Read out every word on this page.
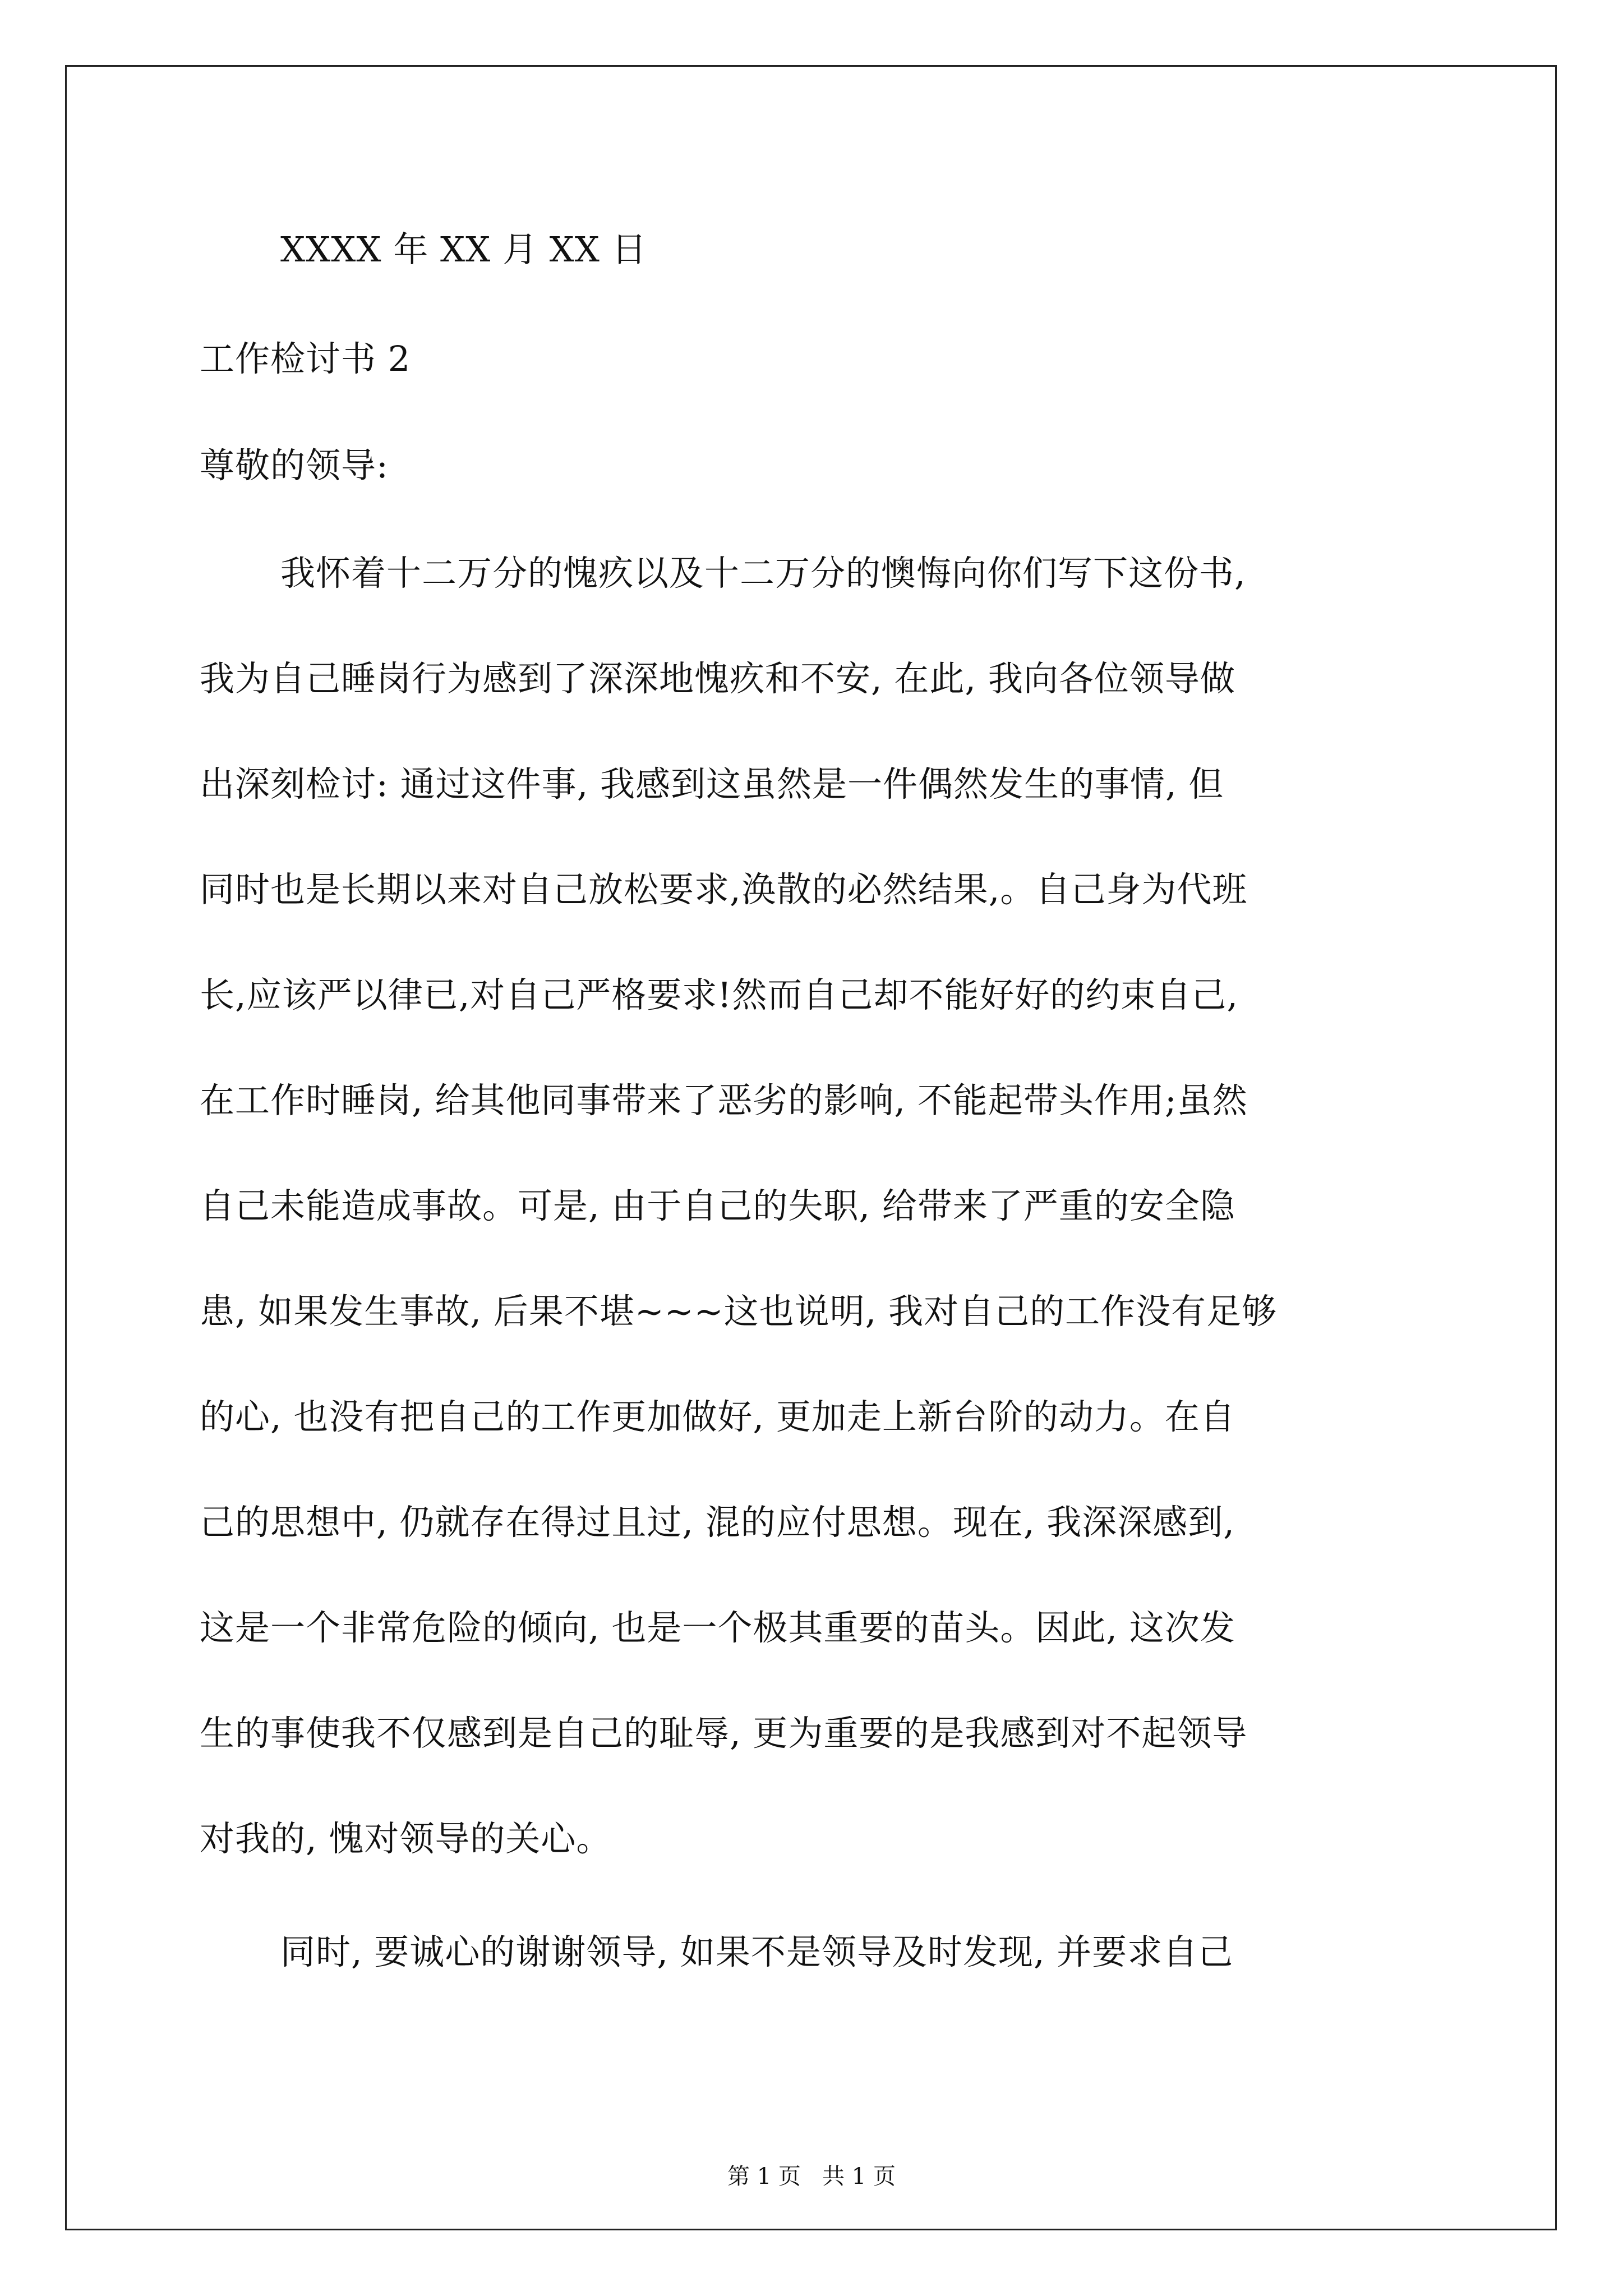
XXXX 年 XX 月 XX 日
工作检讨书 2
尊敬的领导:
我怀着十二万分的愧疚以及十二万分的懊悔向你们写下这份书,
我为自己睡岗行为感到了深深地愧疚和不安, 在此, 我向各位领导做
出深刻检讨: 通过这件事, 我感到这虽然是一件偶然发生的事情, 但
同时也是长期以来对自己放松要求,涣散的必然结果,。自己身为代班
长,应该严以律已,对自己严格要求!然而自己却不能好好的约束自己,
在工作时睡岗, 给其他同事带来了恶劣的影响, 不能起带头作用;虽然
自己未能造成事故。可是, 由于自己的失职, 给带来了严重的安全隐
患, 如果发生事故, 后果不堪~~~这也说明, 我对自己的工作没有足够
的心, 也没有把自己的工作更加做好, 更加走上新台阶的动力。在自
己的思想中, 仍就存在得过且过, 混的应付思想。现在, 我深深感到,
这是一个非常危险的倾向, 也是一个极其重要的苗头。因此, 这次发
生的事使我不仅感到是自己的耻辱, 更为重要的是我感到对不起领导
对我的, 愧对领导的关心。
同时, 要诚心的谢谢领导, 如果不是领导及时发现, 并要求自己
第 1 页   共 1 页
